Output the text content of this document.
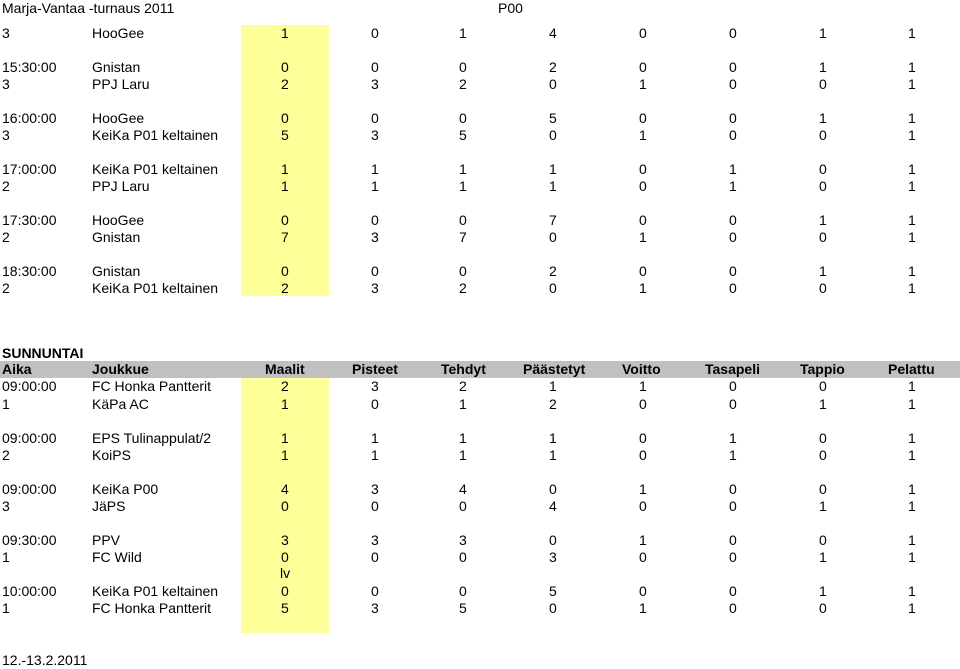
Marja-Vantaa -turnaus 2011	P00
3	HooGee	1	0	1	4	0	0	1	1
15:30:00	Gnistan	0	0	0	2	0	0	1	1
3	PPJ Laru	2	3	2	0	1	0	0	1
16:00:00	HooGee	0	0	0	5	0	0	1	1
3	KeiKa P01 keltainen	5	3	5	0	1	0	0	1
17:00:00	KeiKa P01 keltainen	1	1	1	1	0	1	0	1
2	PPJ Laru	1	1	1	1	0	1	0	1
17:30:00	HooGee	0	0	0	7	0	0	1	1
2	Gnistan	7	3	7	0	1	0	0	1
18:30:00	Gnistan	0	0	0	2	0	0	1	1
2	KeiKa P01 keltainen	2	3	2	0	1	0	0	1
SUNNUNTAI
Aika	Joukkue	Maalit	Pisteet	Tehdyt	Päästetyt	Voitto	Tasapeli	Tappio	Pelattu
09:00:00	FC Honka Pantterit	2	3	2	1	1	0	0	1
1	KäPa AC	1	0	1	2	0	0	1	1
09:00:00	EPS Tulinappulat/2	1	1	1	1	0	1	0	1
2	KoiPS	1	1	1	1	0	1	0	1
09:00:00	KeiKa P00	4	3	4	0	1	0	0	1
3	JäPS	0	0	0	4	0	0	1	1
09:30:00	PPV	3	3	3	0	1	0	0	1
1	FC Wild	0	0	0	3	0	0	1	1
10:00:00	KeiKa P01 keltainen	0	0	0	5	0	0	1	1
1	FC Honka Pantterit	5	3	5	0	1	0	0	1
lv
12.-13.2.2011
